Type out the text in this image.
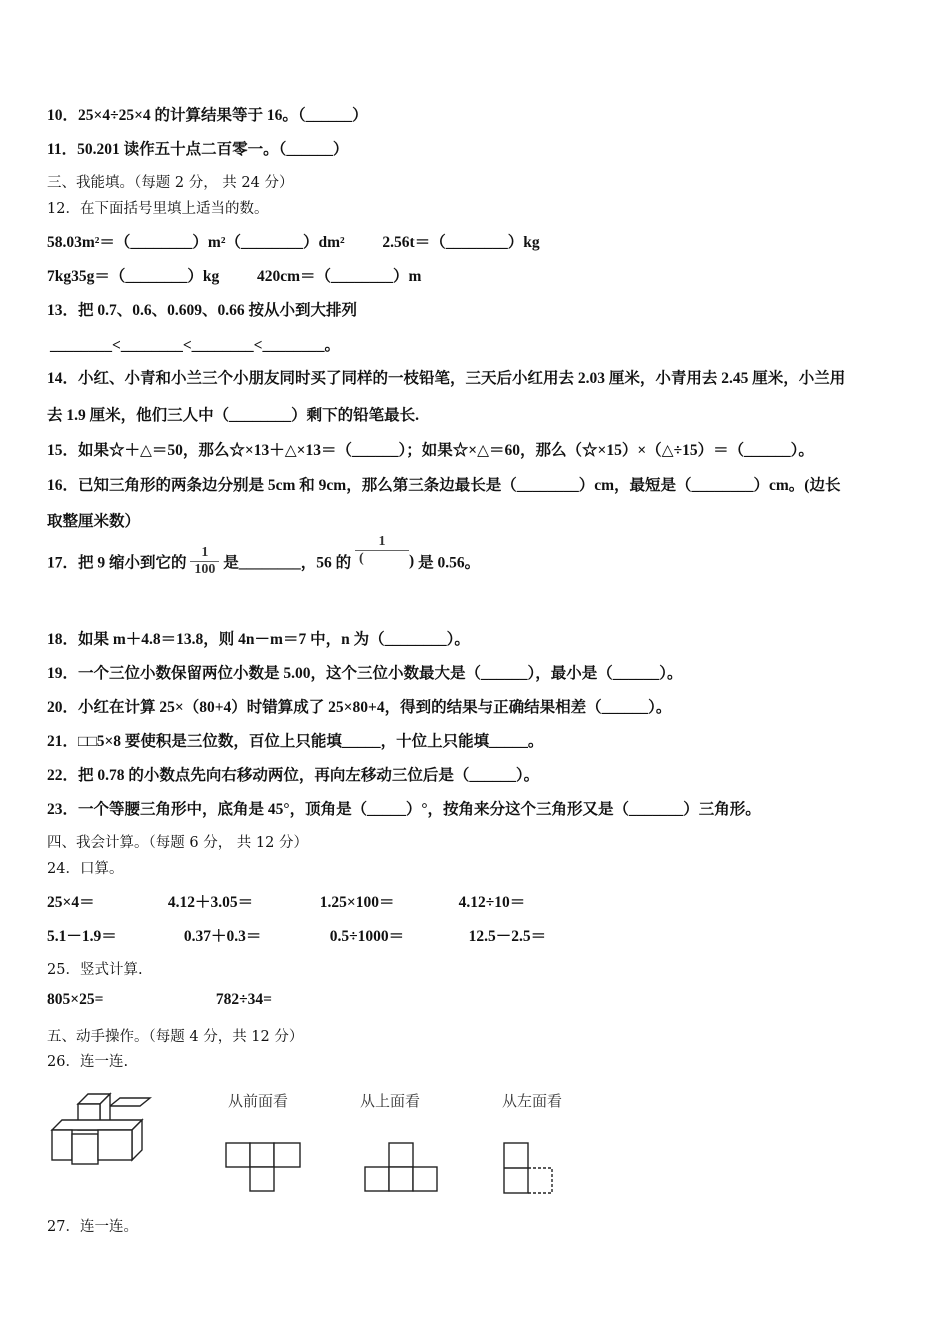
10．25×4÷25×4 的计算结果等于 16。（______）
11．50.201 读作五十点二百零一。（______）
三、我能填。（每题 2 分， 共 24 分）
12．在下面括号里填上适当的数。
58.03m²＝（________）m²（________）dm² 2.56t＝（________）kg
7kg35g＝（________）kg 420cm＝（________）m
13．把 0.7、0.6、0.609、0.66 按从小到大排列
________<________<________<________。
14．小红、小青和小兰三个小朋友同时买了同样的一枝铅笔，三天后小红用去 2.03 厘米，小青用去 2.45 厘米，小兰用
去 1.9 厘米，他们三人中（________）剩下的铅笔最长.
15．如果☆＋△＝50，那么☆×13＋△×13＝（______）；如果☆×△＝60，那么（☆×15）×（△÷15）＝（______）。
16．已知三角形的两条边分别是 5cm 和 9cm，那么第三条边最长是（________）cm，最短是（________）cm。(边长
取整厘米数）
17．把 9 缩小到它的 $\frac{1}{100}$ 是________，56 的 $\frac{1}{(}$ ) 是 0.56。
18．如果 m＋4.8＝13.8，则 4n－m＝7 中，n 为（________）。
19．一个三位小数保留两位小数是 5.00，这个三位小数最大是（______），最小是（______）。
20．小红在计算 25×（80+4）时错算成了 25×80+4，得到的结果与正确结果相差（______）。
21．□□5×8 要使积是三位数，百位上只能填_____，十位上只能填_____。
22．把 0.78 的小数点先向右移动两位，再向左移动三位后是（______）。
23．一个等腰三角形中，底角是 45°，顶角是（_____）°，按角来分这个三角形又是（_______）三角形。
四、我会计算。（每题 6 分， 共 12 分）
24．口算。
25×4＝	4.12＋3.05＝	1.25×100＝	4.12÷10＝
5.1－1.9＝	0.37＋0.3＝	0.5÷1000＝	12.5－2.5＝
25．竖式计算.
805×25=	782÷34=
五、动手操作。（每题 4 分，共 12 分）
26．连一连.
从前面看	从上面看	从左面看
27．连一连。
